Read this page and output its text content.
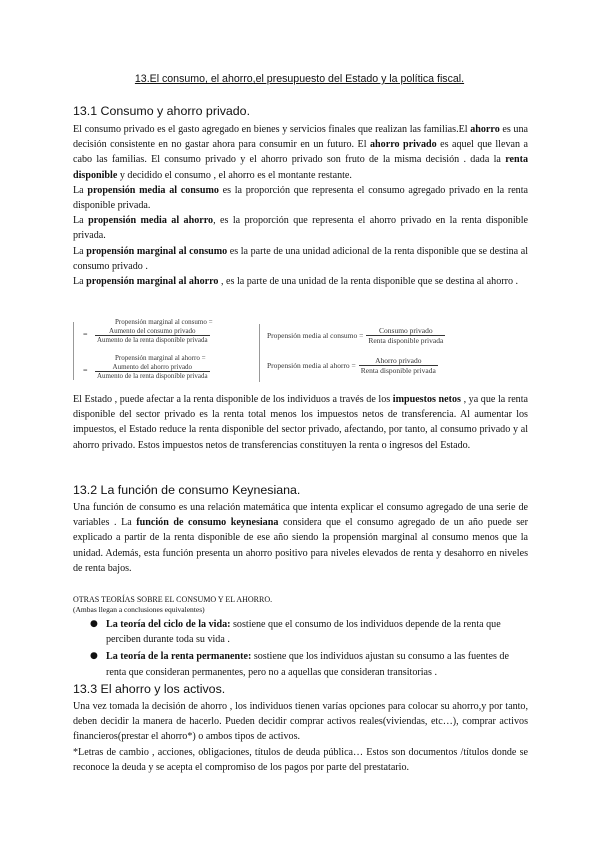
13.El consumo, el ahorro,el presupuesto del Estado y la política fiscal.
13.1 Consumo y ahorro privado.

El consumo privado es el gasto agregado en bienes y servicios finales que realizan las familias.El ahorro es una decisión consistente en no gastar ahora para consumir en un futuro. El ahorro privado es aquel que llevan a cabo las familias. El consumo privado y el ahorro privado son fruto de la misma decisión . dada la renta disponible y decidido el consumo , el ahorro es el montante restante.

La propensión media al consumo es la proporción que representa el consumo agregado privado en la renta disponible privada.

La propensión media al ahorro, es la proporción que representa el ahorro privado en la renta disponible privada.

La propensión marginal al consumo es la parte de una unidad adicional de la renta disponible que se destina al consumo privado .

La propensión marginal al ahorro , es la parte de una unidad de la renta disponible que se destina al ahorro .

Propensión marginal al consumo =
=	$\frac{\text{Aumento del consumo privado}}{\text{Aumento de la renta disponible privada}}$
Propensión marginal al ahorro =
=	$\frac{\text{Aumento del ahorro privado}}{\text{Aumento de la renta disponible privada}}$
Propensión media al consumo = $\frac{\text{Consumo privado}}{\text{Renta disponible privada}}$
Propensión media al ahorro = $\frac{\text{Ahorro privado}}{\text{Renta disponible privada}}$

El Estado , puede afectar a la renta disponible de los individuos a través de los impuestos netos , ya que la renta disponible del sector privado es la renta total menos los impuestos netos de transferencia. Al aumentar los impuestos, el Estado reduce la renta disponible del sector privado, afectando, por tanto, al consumo privado y al ahorro privado. Estos impuestos netos de transferencias constituyen la renta o ingresos del Estado.

13.2 La función de consumo Keynesiana.

Una función de consumo es una relación matemática que intenta explicar el consumo agregado de una serie de variables . La función de consumo keynesiana considera que el consumo agregado de un año puede ser explicado a partir de la renta disponible de ese año siendo la propensión marginal al consumo menos que la unidad. Además, esta función presenta un ahorro positivo para niveles elevados de renta y desahorro en niveles de renta bajos.

OTRAS TEORÍAS SOBRE EL CONSUMO Y EL AHORRO.
(Ambas llegan a conclusiones equivalentes)
● La teoría del ciclo de la vida: sostiene que el consumo de los individuos depende de la renta que perciben durante toda su vida .
● La teoría de la renta permanente: sostiene que los individuos ajustan su consumo a las fuentes de renta que consideran permanentes, pero no a aquellas que consideran transitorias .
13.3 El ahorro y los activos.

Una vez tomada la decisión de ahorro , los individuos tienen varías opciones para colocar su ahorro,y por tanto, deben decidir la manera de hacerlo. Pueden decidir comprar activos reales(viviendas, etc…), comprar activos financieros(prestar el ahorro*) o ambos tipos de activos.

*Letras de cambio , acciones, obligaciones, títulos de deuda pública… Estos son documentos /títulos donde se reconoce la deuda y se acepta el compromiso de los pagos por parte del prestatario.
